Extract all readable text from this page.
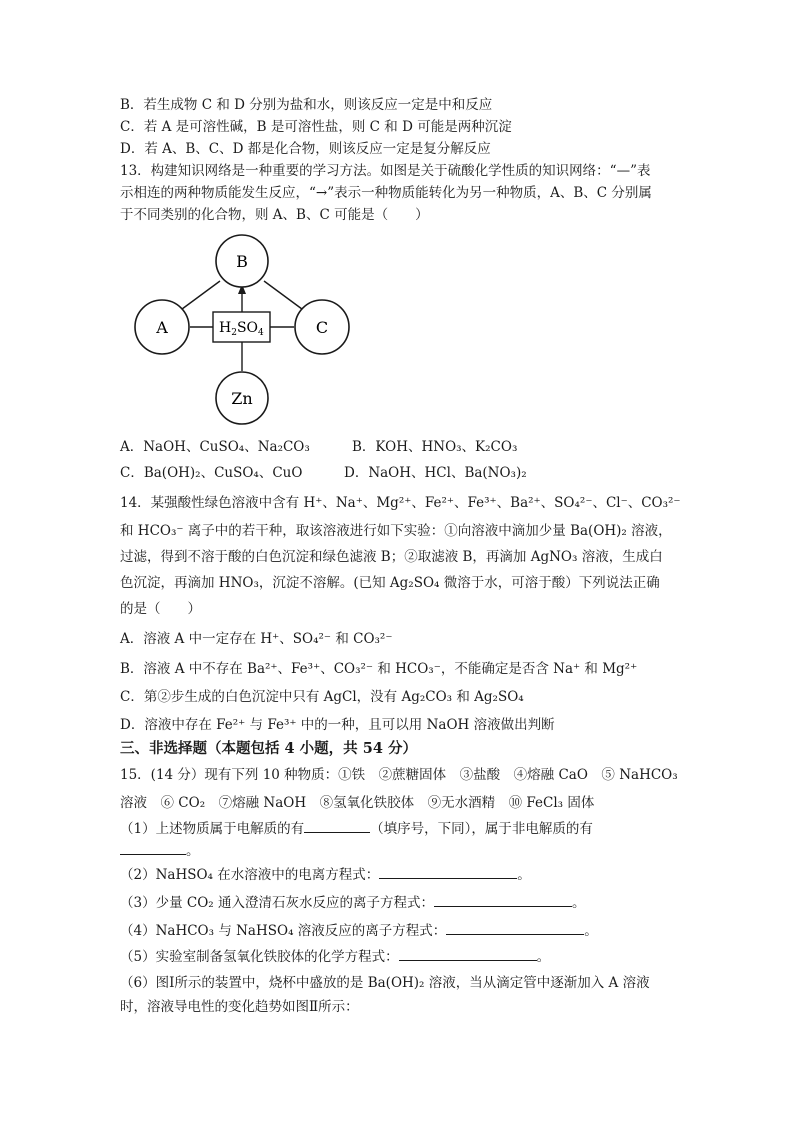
B．若生成物 C 和 D 分别为盐和水，则该反应一定是中和反应
C．若 A 是可溶性碱，B 是可溶性盐，则 C 和 D 可能是两种沉淀
D．若 A、B、C、D 都是化合物，则该反应一定是复分解反应
13．构建知识网络是一种重要的学习方法。如图是关于硫酸化学性质的知识网络：“—”表
示相连的两种物质能发生反应，“→”表示一种物质能转化为另一种物质，A、B、C 分别属
于不同类别的化合物，则 A、B、C 可能是（　　）
B
A	C
Zn
$H_2SO_4$
A．NaOH、CuSO₄、Na₂CO₃	B．KOH、HNO₃、K₂CO₃
C．Ba(OH)₂、CuSO₄、CuO	D．NaOH、HCl、Ba(NO₃)₂
14．某强酸性绿色溶液中含有 H⁺、Na⁺、Mg²⁺、Fe²⁺、Fe³⁺、Ba²⁺、SO₄²⁻、Cl⁻、CO₃²⁻
和 HCO₃⁻ 离子中的若干种，取该溶液进行如下实验：①向溶液中滴加少量 Ba(OH)₂ 溶液，
过滤，得到不溶于酸的白色沉淀和绿色滤液 B；②取滤液 B，再滴加 AgNO₃ 溶液，生成白
色沉淀，再滴加 HNO₃，沉淀不溶解。(已知 Ag₂SO₄ 微溶于水，可溶于酸）下列说法正确
的是（　　）
A．溶液 A 中一定存在 H⁺、SO₄²⁻ 和 CO₃²⁻
B．溶液 A 中不存在 Ba²⁺、Fe³⁺、CO₃²⁻ 和 HCO₃⁻，不能确定是否含 Na⁺ 和 Mg²⁺
C．第②步生成的白色沉淀中只有 AgCl，没有 Ag₂CO₃ 和 Ag₂SO₄
D．溶液中存在 Fe²⁺ 与 Fe³⁺ 中的一种，且可以用 NaOH 溶液做出判断
三、非选择题（本题包括 4 小题，共 54 分）
15．(14 分）现有下列 10 种物质：①铁　②蔗糖固体　③盐酸　④熔融 CaO　⑤ NaHCO₃
溶液　⑥ CO₂　⑦熔融 NaOH　⑧氢氧化铁胶体　⑨无水酒精　⑩ FeCl₃ 固体
（1）上述物质属于电解质的有	（填序号，下同），属于非电解质的有
。
（2）NaHSO₄ 在水溶液中的电离方程式：	。
（3）少量 CO₂ 通入澄清石灰水反应的离子方程式：	。
（4）NaHCO₃ 与 NaHSO₄ 溶液反应的离子方程式：	。
（5）实验室制备氢氧化铁胶体的化学方程式：	。
（6）图Ⅰ所示的装置中，烧杯中盛放的是 Ba(OH)₂ 溶液，当从滴定管中逐渐加入 A 溶液
时，溶液导电性的变化趋势如图Ⅱ所示：
